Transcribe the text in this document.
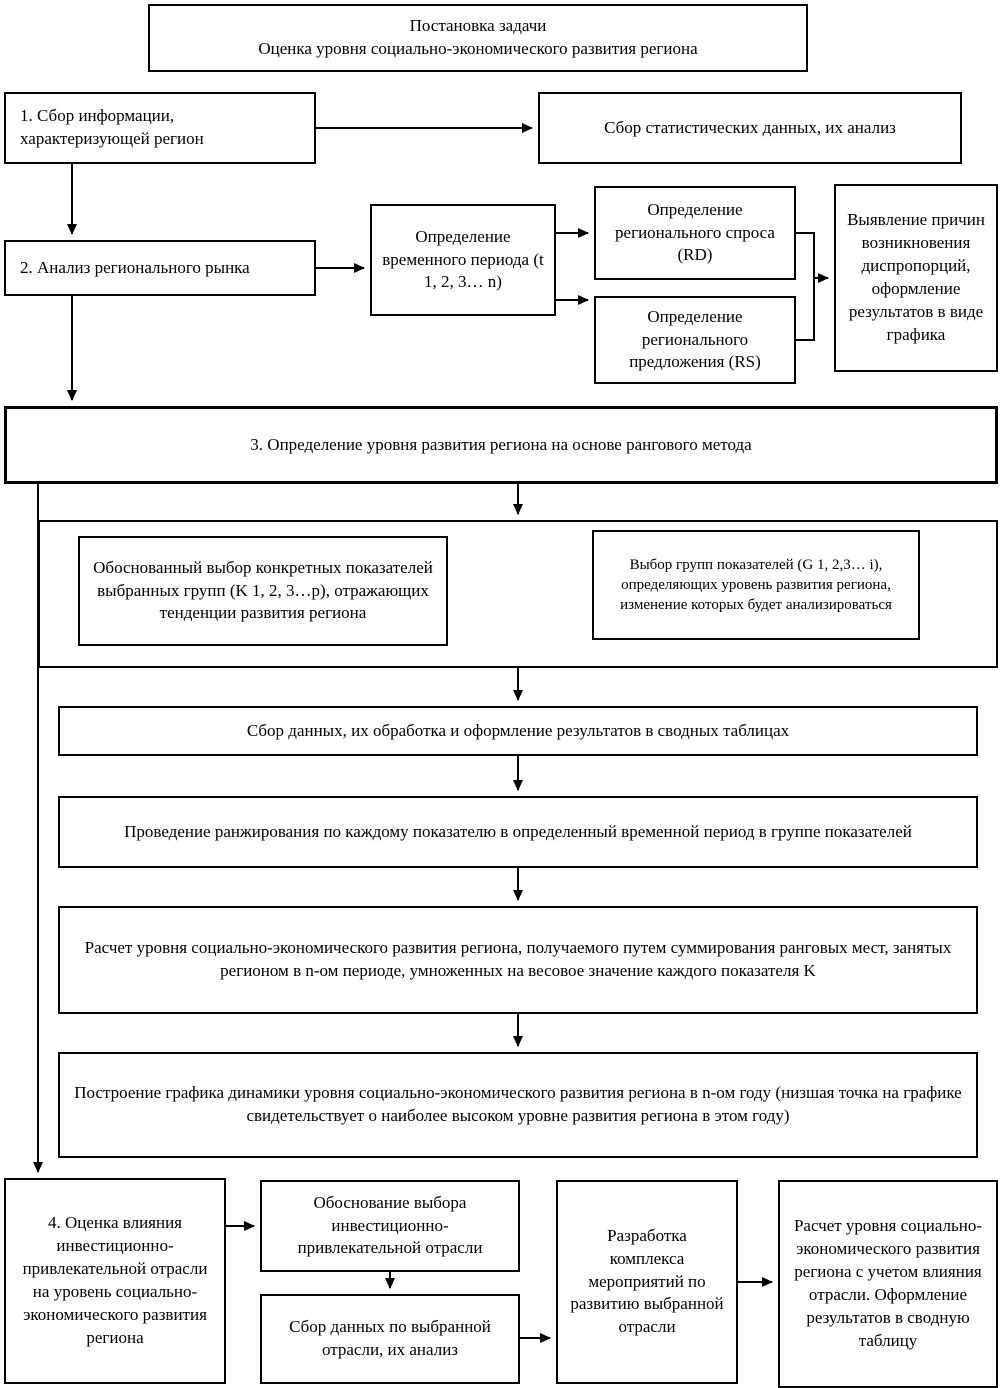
Постановка задачи
Оценка уровня социально-экономического развития региона
1. Сбор информации, характеризующей регион
Сбор статистических данных, их анализ
2. Анализ регионального рынка
Определение временного периода (t 1, 2, 3… n)
Определение регионального спроса (RD)
Определение регионального предложения (RS)
Выявление причин возникновения диспропорций, оформление результатов в виде графика
3. Определение уровня развития региона на основе рангового метода
Обоснованный выбор конкретных показателей выбранных групп (K 1, 2, 3…p), отражающих тенденции развития региона
Выбор групп показателей (G 1, 2,3… i), определяющих уровень развития региона, изменение которых будет анализироваться
Сбор данных, их обработка и оформление результатов в сводных таблицах
Проведение ранжирования по каждому показателю в определенный временной период в группе показателей
Расчет уровня социально-экономического развития региона, получаемого путем суммирования ранговых мест, занятых регионом в n-ом периоде, умноженных на весовое значение каждого показателя K
Построение графика динамики уровня социально-экономического развития региона в n-ом году (низшая точка на графике свидетельствует о наиболее высоком уровне развития региона в этом году)
4. Оценка влияния инвестиционно-привлекательной отрасли на уровень социально-экономического развития региона
Обоснование выбора инвестиционно-привлекательной отрасли
Сбор данных по выбранной отрасли, их анализ
Разработка комплекса мероприятий по развитию выбранной отрасли
Расчет уровня социально-экономического развития региона с учетом влияния отрасли. Оформление результатов в сводную таблицу
